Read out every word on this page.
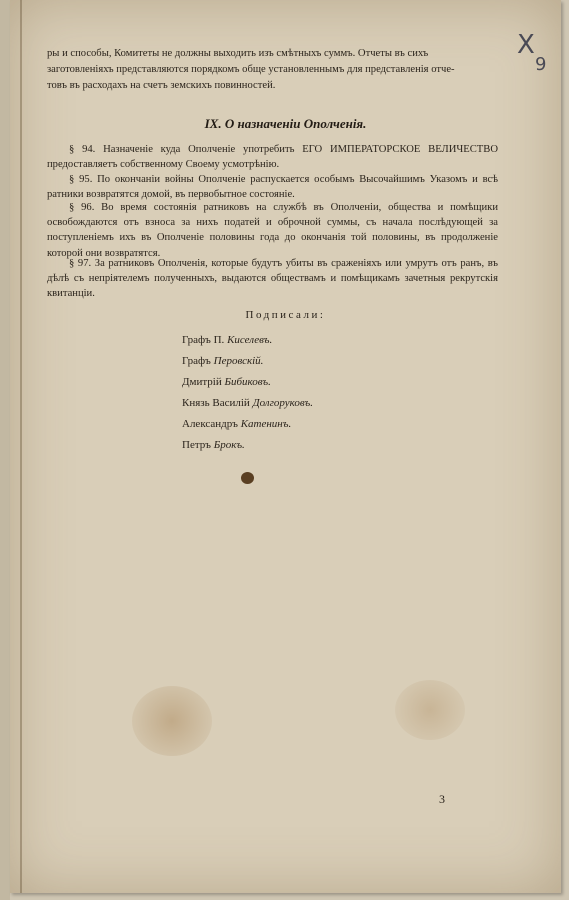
X
9
ры и способы, Комитеты не должны выходить изъ смѣтныхъ суммъ. Отчеты въ сихъ
заготовленіяхъ представляются порядкомъ обще установленнымъ для представленія отче-
товъ въ расходахъ на счетъ земскихъ повинностей.
IX. О назначеніи Ополченія.
§ 94. Назначеніе куда Ополченіе употребить ЕГО ИМПЕРАТОРСКОЕ ВЕЛИЧЕСТВО предоставляетъ собственному Своему усмотрѣнію.
§ 95. По окончаніи войны Ополченіе распускается особымъ Высочайшимъ Указомъ и всѣ ратники возвратятся домой, въ первобытное состояніе.
§ 96. Во время состоянія ратниковъ на службѣ въ Ополченіи, общества и помѣщики освобождаются отъ взноса за нихъ податей и оброчной суммы, съ начала послѣдующей за поступленіемъ ихъ въ Ополченіе половины года до окончанія той половины, въ продолженіе которой они возвратятся.
§ 97. За ратниковъ Ополченія, которые будутъ убиты въ сраженіяхъ или умрутъ отъ ранъ, въ дѣлѣ съ непріятелемъ полученныхъ, выдаются обществамъ и помѣщикамъ зачетныя рекрутскія квитанціи.
Подписали:
Графъ П. Киселевъ.
Графъ Перовскій.
Дмитрій Бибиковъ.
Князь Василій Долгоруковъ.
Александръ Катенинъ.
Петръ Брокъ.
3
